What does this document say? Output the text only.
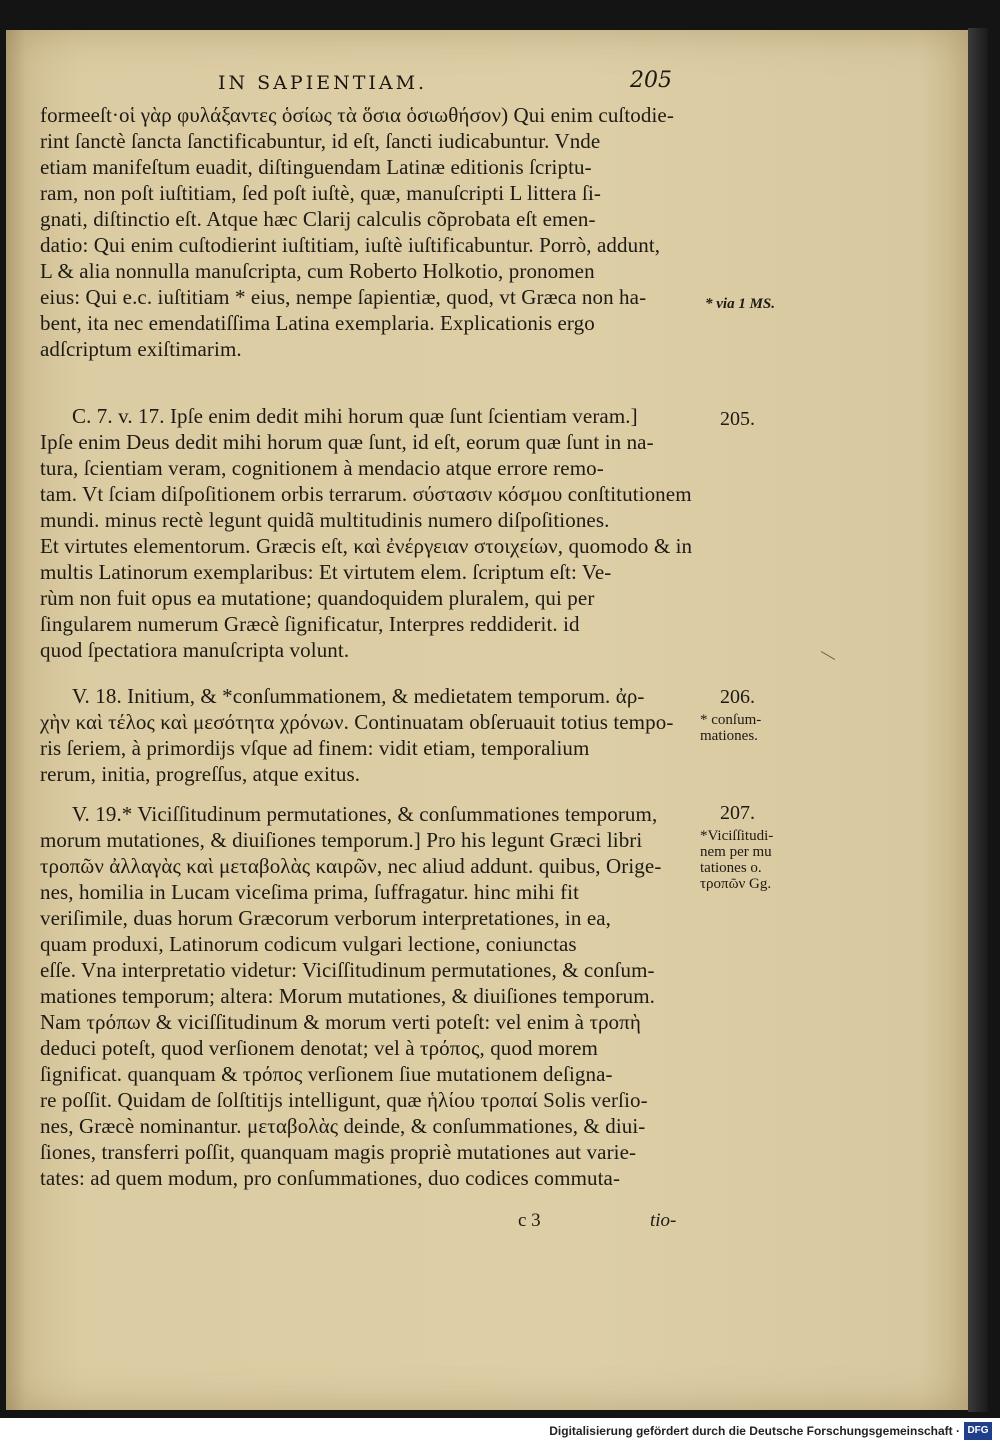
IN SAPIENTIAM.	205
formeeſt·οἱ γὰρ φυλάξαντες ὁσίως τὰ ὅσια ὁσιωθήσον) Qui enim cuſtodie-
rint ſanctè ſancta ſanctificabuntur, id eſt, ſancti iudicabuntur. Vnde
etiam manifeſtum euadit, diſtinguendam Latinæ editionis ſcriptu-
ram, non poſt iuſtitiam, ſed poſt iuſtè, quæ, manuſcripti L littera ſi-
gnati, diſtinctio eſt. Atque hæc Clarij calculis cõprobata eſt emen-
datio: Qui enim cuſtodierint iuſtitiam, iuſtè iuſtificabuntur. Porrò, addunt,
L & alia nonnulla manuſcripta, cum Roberto Holkotio, pronomen
eius: Qui e.c. iuſtitiam * eius, nempe ſapientiæ, quod, vt Græca non ha-
bent, ita nec emendatiſſima Latina exemplaria. Explicationis ergo
adſcriptum exiſtimarim.
C. 7. v. 17. Ipſe enim dedit mihi horum quæ ſunt ſcientiam veram.]
Ipſe enim Deus dedit mihi horum quæ ſunt, id eſt, eorum quæ ſunt in na-
tura, ſcientiam veram, cognitionem à mendacio atque errore remo-
tam. Vt ſciam diſpoſitionem orbis terrarum. σύστασιν κόσμου conſtitutionem
mundi. minus rectè legunt quidã multitudinis numero diſpoſitiones.
Et virtutes elementorum. Græcis eſt, καὶ ἐνέργειαν στοιχείων, quomodo & in
multis Latinorum exemplaribus: Et virtutem elem. ſcriptum eſt: Ve-
rùm non fuit opus ea mutatione; quandoquidem pluralem, qui per
ſingularem numerum Græcè ſignificatur, Interpres reddiderit. id
quod ſpectatiora manuſcripta volunt.
V. 18. Initium, & *conſummationem, & medietatem temporum. ἀρ-
χὴν καὶ τέλος καὶ μεσότητα χρόνων. Continuatam obſeruauit totius tempo-
ris ſeriem, à primordijs vſque ad finem: vidit etiam, temporalium
rerum, initia, progreſſus, atque exitus.
V. 19.* Viciſſitudinum permutationes, & conſummationes temporum,
morum mutationes, & diuiſiones temporum.] Pro his legunt Græci libri
τροπῶν ἀλλαγὰς καὶ μεταβολὰς καιρῶν, nec aliud addunt. quibus, Orige-
nes, homilia in Lucam viceſima prima, ſuffragatur. hinc mihi fit
veriſimile, duas horum Græcorum verborum interpretationes, in ea,
quam produxi, Latinorum codicum vulgari lectione, coniunctas
eſſe. Vna interpretatio videtur: Viciſſitudinum permutationes, & conſum-
mationes temporum; altera: Morum mutationes, & diuiſiones temporum.
Nam τρόπων & viciſſitudinum & morum verti poteſt: vel enim à τροπὴ
deduci poteſt, quod verſionem denotat; vel à τρόπος, quod morem
ſignificat. quanquam & τρόπος verſionem ſiue mutationem deſigna-
re poſſit. Quidam de ſolſtitijs intelligunt, quæ ἡλίου τροπαί Solis verſio-
nes, Græcè nominantur. μεταβολὰς deinde, & conſummationes, & diui-
ſiones, transferri poſſit, quanquam magis propriè mutationes aut varie-
tates: ad quem modum, pro conſummationes, duo codices commuta-
* via 1 MS.
205.
206.
* conſum-
mationes.
207.
*Viciſſitudi-
nem per mu
tationes o.
τροπῶν Gg.
c 3	tio-
Digitalisierung gefördert durch die Deutsche Forschungsgemeinschaft · DFG
